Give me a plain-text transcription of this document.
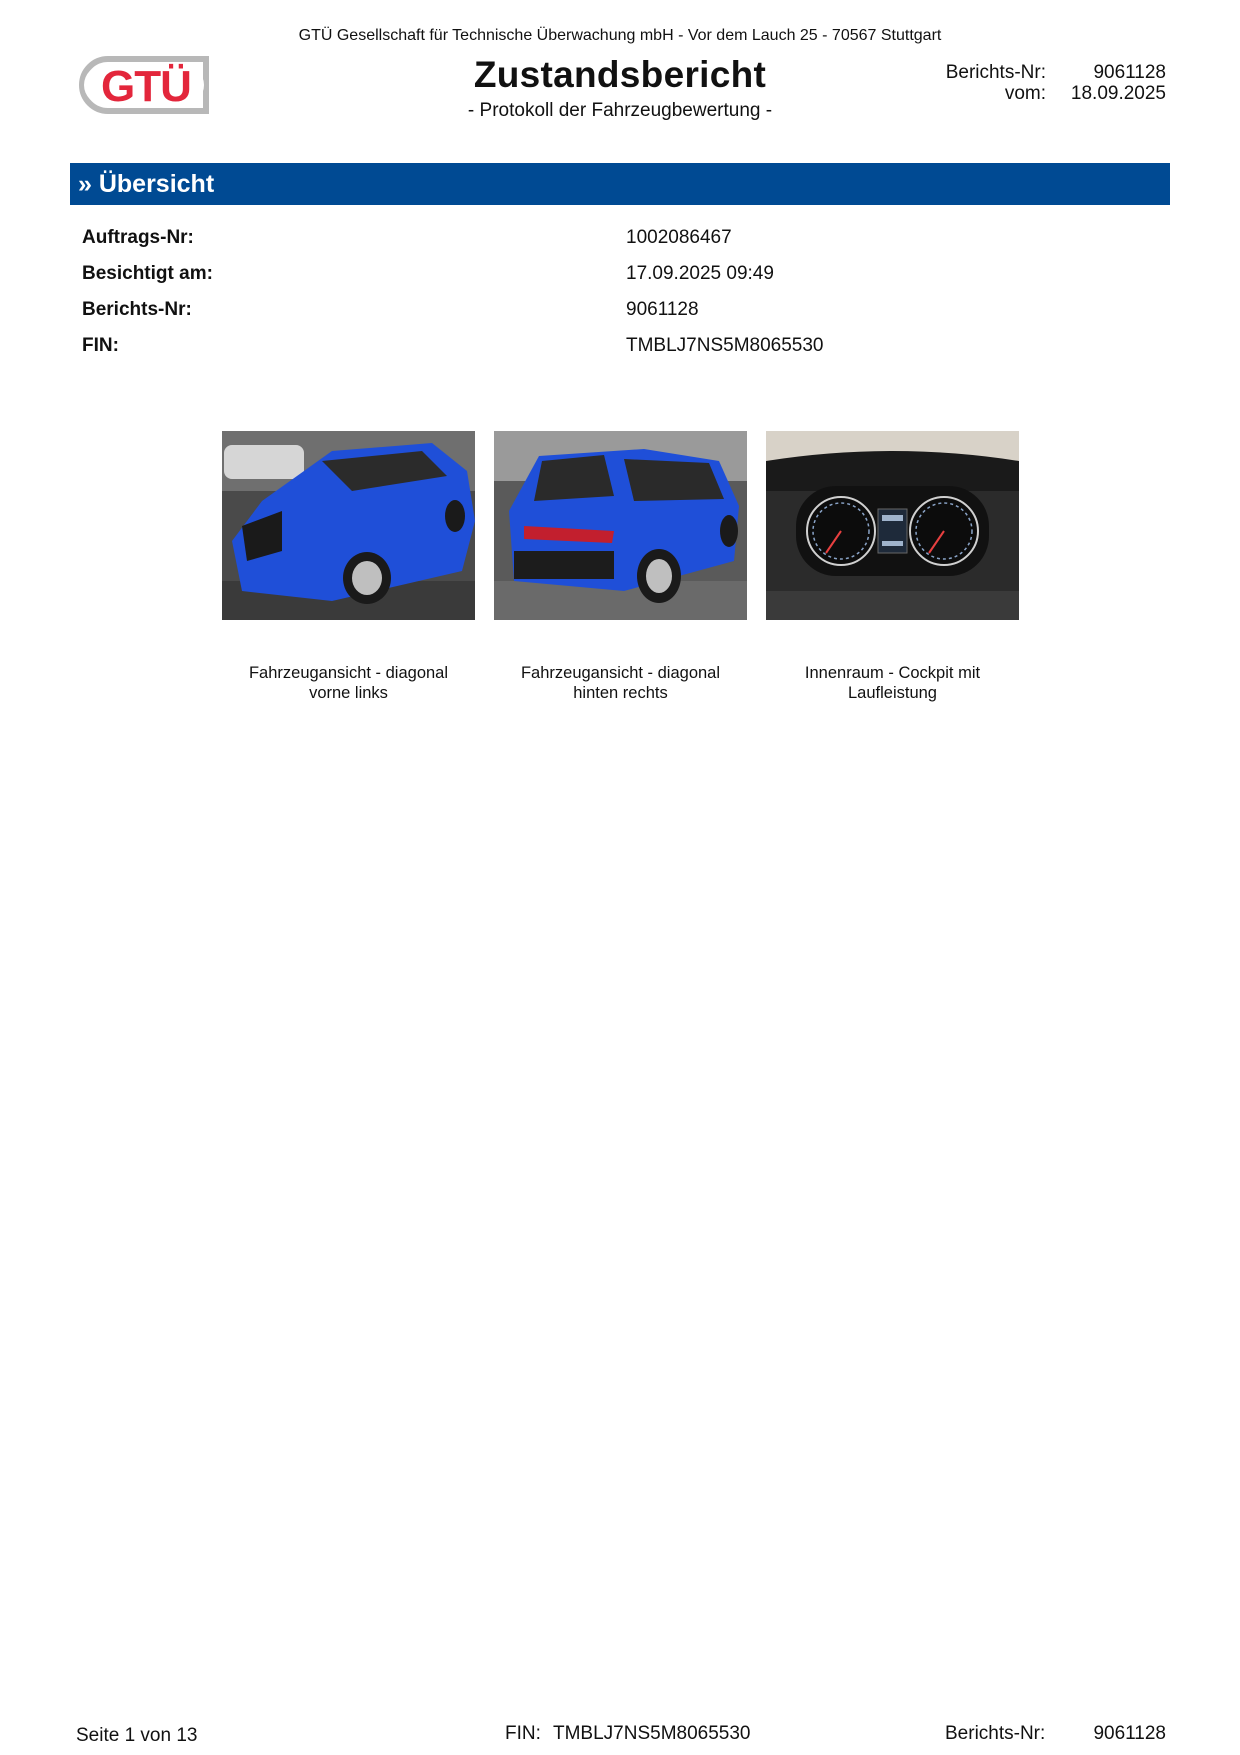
GTÜ Gesellschaft für Technische Überwachung mbH - Vor dem Lauch 25 - 70567 Stuttgart
GTÜ	Zustandsbericht
- Protokoll der Fahrzeugbewertung -
Berichts-Nr:	9061128
vom:	18.09.2025
» Übersicht
Auftrags-Nr:	1002086467
Besichtigt am:	17.09.2025 09:49
Berichts-Nr:	9061128
FIN:	TMBLJ7NS5M8065530
Fahrzeugansicht - diagonal
vorne links
Fahrzeugansicht - diagonal
hinten rechts
Innenraum - Cockpit mit
Laufleistung
Seite 1 von 13	FIN: TMBLJ7NS5M8065530	Berichts-Nr:	9061128
